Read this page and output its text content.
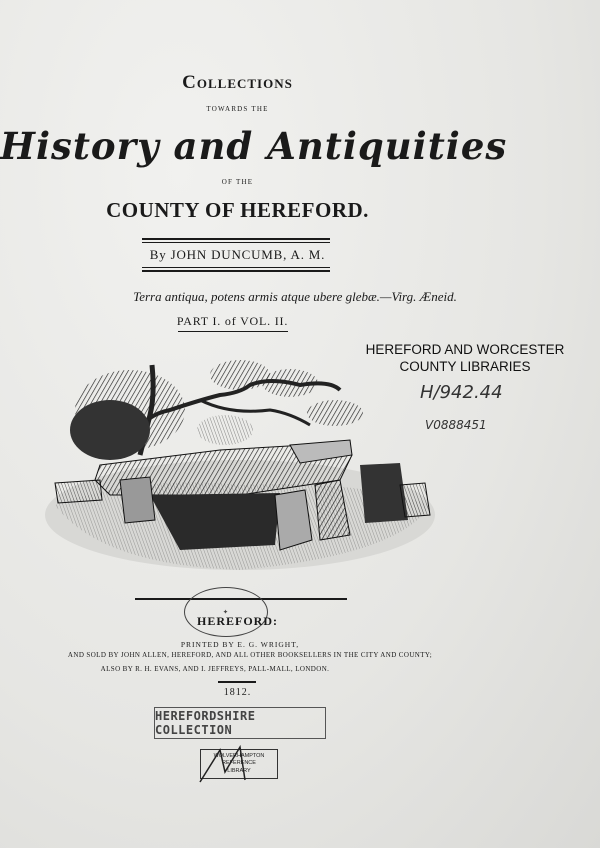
Collections
TOWARDS THE
History and Antiquities
OF THE
COUNTY OF HEREFORD.
By JOHN DUNCUMB, A. M.
Terra antiqua, potens armis atque ubere glebæ.—Virg. Æneid.
PART I. of VOL. II.
HEREFORD AND WORCESTER
COUNTY LIBRARIES
H/942.44
V0888451
✦
HEREFORD:
PRINTED BY E. G. WRIGHT,
AND SOLD BY JOHN ALLEN, HEREFORD, AND ALL OTHER BOOKSELLERS IN THE CITY AND COUNTY;
ALSO BY R. H. EVANS, AND I. JEFFREYS, PALL-MALL, LONDON.
1812.
HEREFORDSHIRE COLLECTION
WOLVERHAMPTON
REFERENCE
LIBRARY
